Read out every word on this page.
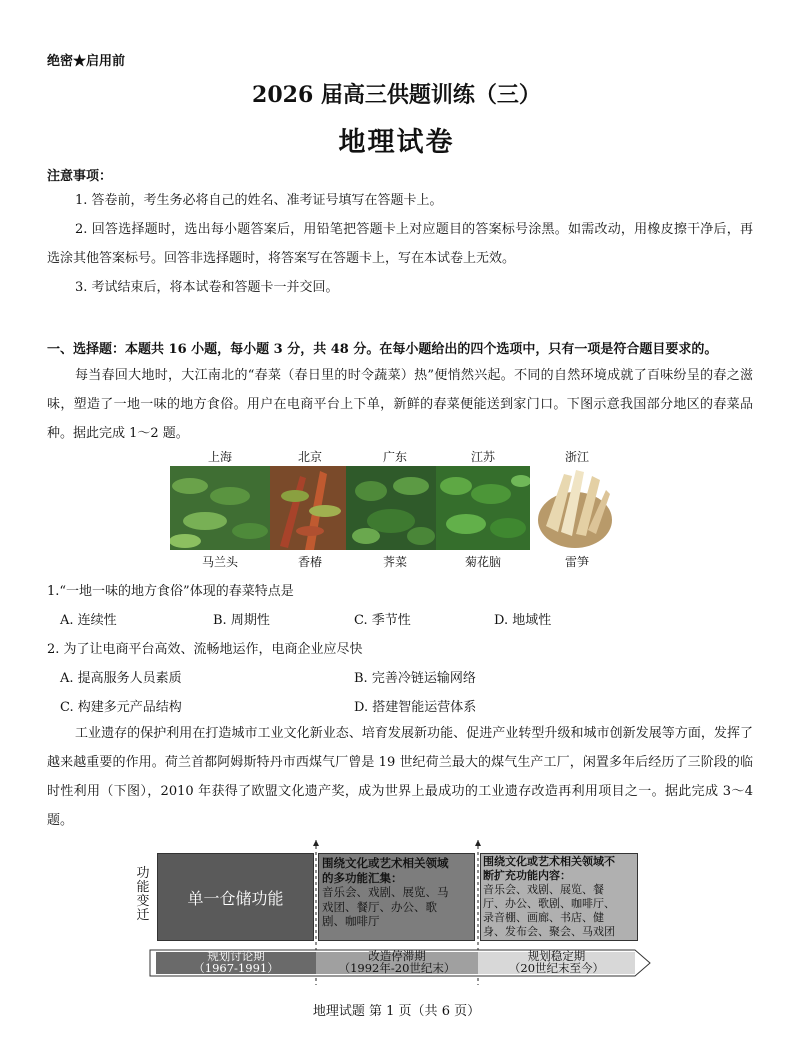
绝密★启用前
2026 届高三供题训练（三）
地理试卷
注意事项：

1. 答卷前，考生务必将自己的姓名、准考证号填写在答题卡上。

2. 回答选择题时，选出每小题答案后，用铅笔把答题卡上对应题目的答案标号涂黑。如需改动，用橡皮擦干净后，再选涂其他答案标号。回答非选择题时，将答案写在答题卡上，写在本试卷上无效。

3. 考试结束后，将本试卷和答题卡一并交回。

一、选择题：本题共 16 小题，每小题 3 分，共 48 分。在每小题给出的四个选项中，只有一项是符合题目要求的。

每当春回大地时，大江南北的“春菜（春日里的时令蔬菜）热”便悄然兴起。不同的自然环境成就了百味纷呈的春之滋味，塑造了一地一味的地方食俗。用户在电商平台上下单，新鲜的春菜便能送到家门口。下图示意我国部分地区的春菜品种。据此完成 1～2 题。

上海	北京	广东	江苏	浙江
马兰头	香椿	荠菜	菊花脑	雷笋
1.“一地一味的地方食俗”体现的春菜特点是
A. 连续性	B. 周期性	C. 季节性	D. 地域性
2. 为了让电商平台高效、流畅地运作，电商企业应尽快
A. 提高服务人员素质	B. 完善冷链运输网络
C. 构建多元产品结构	D. 搭建智能运营体系

工业遗存的保护利用在打造城市工业文化新业态、培育发展新功能、促进产业转型升级和城市创新发展等方面，发挥了越来越重要的作用。荷兰首都阿姆斯特丹市西煤气厂曾是 19 世纪荷兰最大的煤气生产工厂，闲置多年后经历了三阶段的临时性利用（下图），2010 年获得了欧盟文化遗产奖，成为世界上最成功的工业遗存改造再利用项目之一。据此完成 3～4 题。

功
能
变
迁
单一仓储功能
围绕文化或艺术相关领域
的多功能汇集：
音乐会、戏剧、展览、马
戏团、餐厅、办公、歌
剧、咖啡厅
围绕文化或艺术相关领域不
断扩充功能内容：
音乐会、戏剧、展览、餐
厅、办公、歌剧、咖啡厅、
录音棚、画廊、书店、健
身、发布会、聚会、马戏团
规划讨论期
（1967-1991）
改造停滞期
（1992年-20世纪末）
规划稳定期
（20世纪末至今）
地理试题 第 1 页（共 6 页）
